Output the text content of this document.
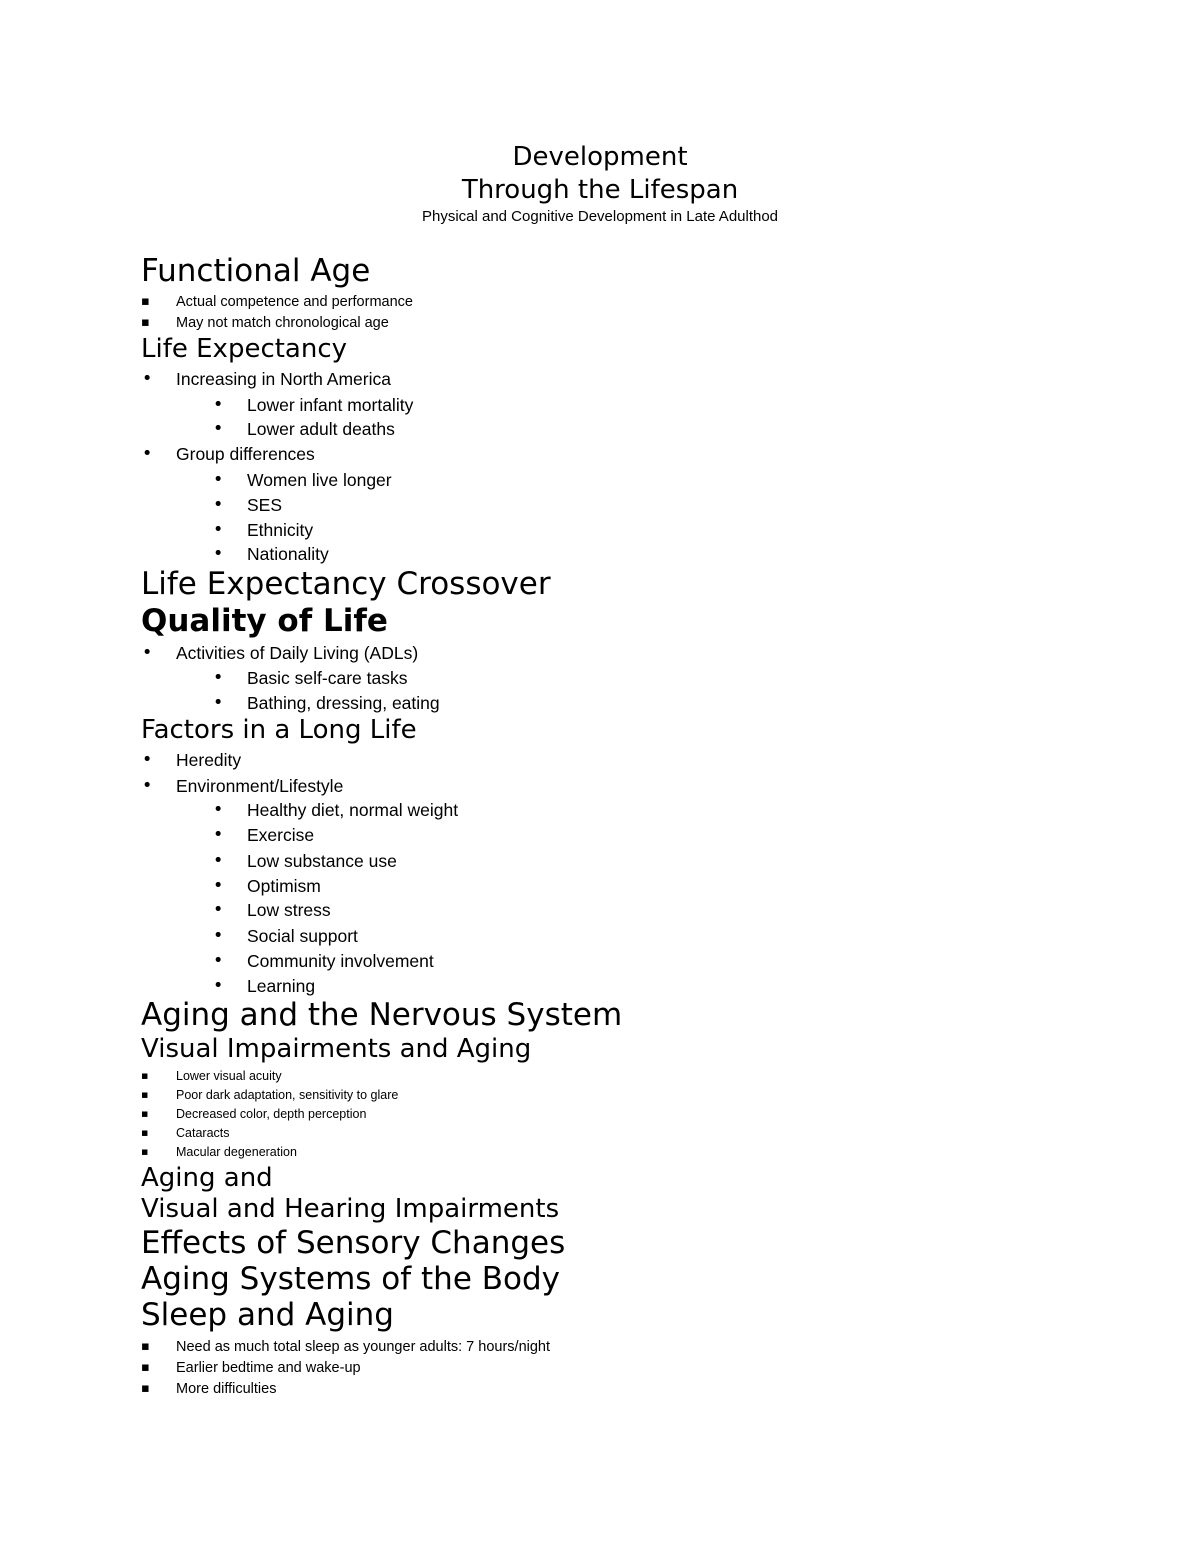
Development
Through the Lifespan
Physical and Cognitive Development in Late Adulthod
Functional Age
▪ Actual competence and performance
▪ May not match chronological age
Life Expectancy
• Increasing in North America
• Lower infant mortality
• Lower adult deaths
• Group differences
• Women live longer
• SES
• Ethnicity
• Nationality
Life Expectancy Crossover
Quality of Life
• Activities of Daily Living (ADLs)
• Basic self-care tasks
• Bathing, dressing, eating
Factors in a Long Life
• Heredity
• Environment/Lifestyle
• Healthy diet, normal weight
• Exercise
• Low substance use
• Optimism
• Low stress
• Social support
• Community involvement
• Learning
Aging and the Nervous System
Visual Impairments and Aging
▪ Lower visual acuity
▪ Poor dark adaptation, sensitivity to glare
▪ Decreased color, depth perception
▪ Cataracts
▪ Macular degeneration
Aging and
Visual and Hearing Impairments
Effects of Sensory Changes
Aging Systems of the Body
Sleep and Aging
▪ Need as much total sleep as younger adults: 7 hours/night
▪ Earlier bedtime and wake-up
▪ More difficulties
